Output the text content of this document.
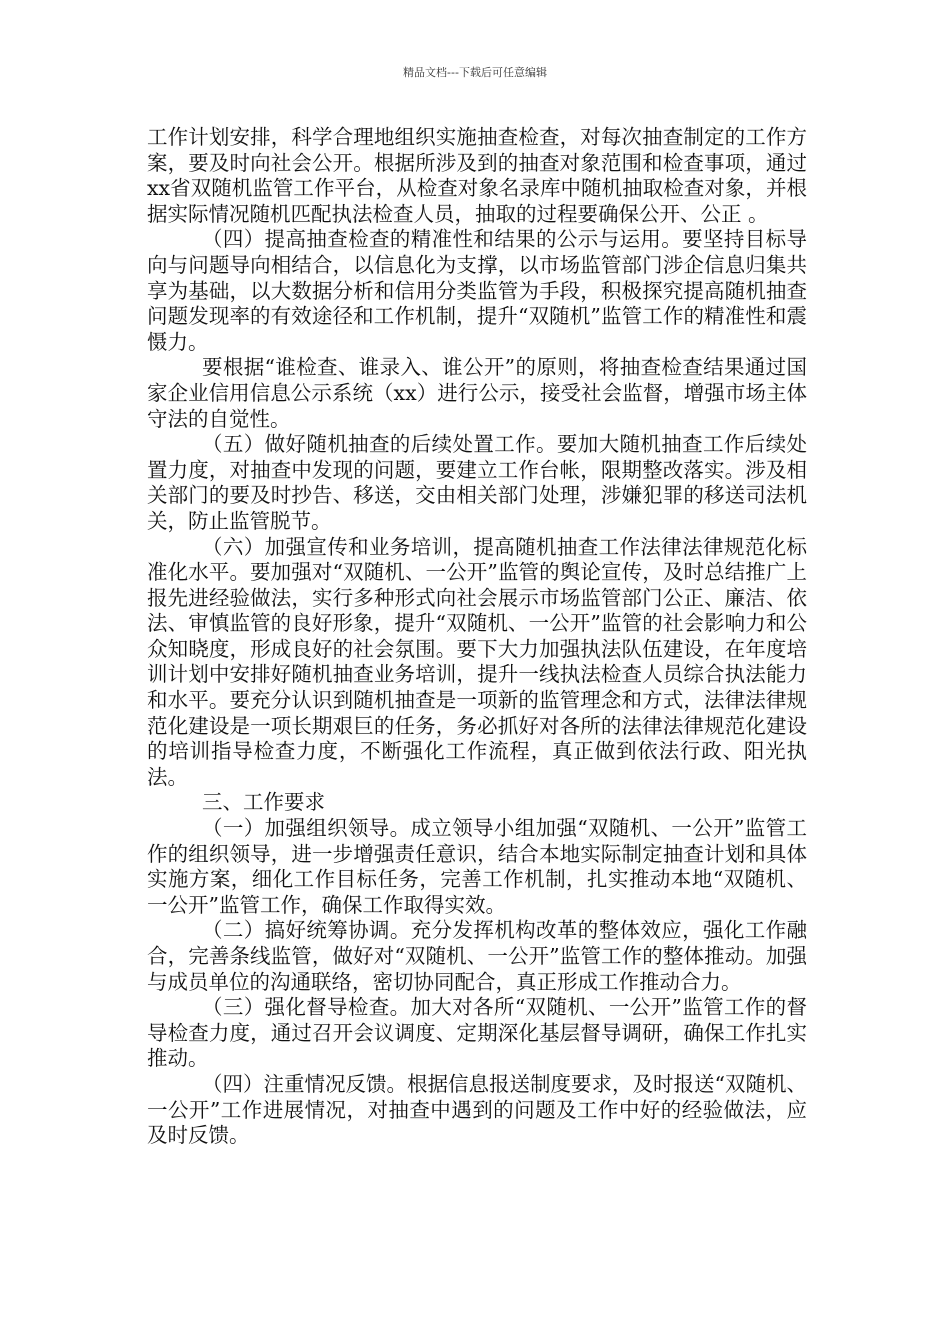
精品文档---下载后可任意编辑

工作计划安排，科学合理地组织实施抽查检查，对每次抽查制定的工作方案，要及时向社会公开。根据所涉及到的抽查对象范围和检查事项，通过xx省双随机监管工作平台，从检查对象名录库中随机抽取检查对象，并根据实际情况随机匹配执法检查人员，抽取的过程要确保公开、公正 。

（四）提高抽查检查的精准性和结果的公示与运用。要坚持目标导向与问题导向相结合，以信息化为支撑，以市场监管部门涉企信息归集共享为基础，以大数据分析和信用分类监管为手段，积极探究提高随机抽查问题发现率的有效途径和工作机制，提升“双随机”监管工作的精准性和震慑力。

要根据“谁检查、谁录入、谁公开”的原则，将抽查检查结果通过国家企业信用信息公示系统（xx）进行公示，接受社会监督，增强市场主体守法的自觉性。

（五）做好随机抽查的后续处置工作。要加大随机抽查工作后续处置力度，对抽查中发现的问题，要建立工作台帐，限期整改落实。涉及相关部门的要及时抄告、移送，交由相关部门处理，涉嫌犯罪的移送司法机关，防止监管脱节。

（六）加强宣传和业务培训，提高随机抽查工作法律法律规范化标准化水平。要加强对“双随机、一公开”监管的舆论宣传，及时总结推广上报先进经验做法，实行多种形式向社会展示市场监管部门公正、廉洁、依法、审慎监管的良好形象，提升“双随机、一公开”监管的社会影响力和公众知晓度，形成良好的社会氛围。要下大力加强执法队伍建设，在年度培训计划中安排好随机抽查业务培训，提升一线执法检查人员综合执法能力和水平。要充分认识到随机抽查是一项新的监管理念和方式，法律法律规范化建设是一项长期艰巨的任务，务必抓好对各所的法律法律规范化建设的培训指导检查力度，不断强化工作流程，真正做到依法行政、阳光执法。

三、工作要求

（一）加强组织领导。成立领导小组加强“双随机、一公开”监管工作的组织领导，进一步增强责任意识，结合本地实际制定抽查计划和具体实施方案，细化工作目标任务，完善工作机制，扎实推动本地“双随机、一公开”监管工作，确保工作取得实效。

（二）搞好统筹协调。充分发挥机构改革的整体效应，强化工作融合，完善条线监管，做好对“双随机、一公开”监管工作的整体推动。加强与成员单位的沟通联络，密切协同配合，真正形成工作推动合力。

（三）强化督导检查。加大对各所“双随机、一公开”监管工作的督导检查力度，通过召开会议调度、定期深化基层督导调研，确保工作扎实推动。

（四）注重情况反馈。根据信息报送制度要求，及时报送“双随机、一公开”工作进展情况，对抽查中遇到的问题及工作中好的经验做法，应及时反馈。
